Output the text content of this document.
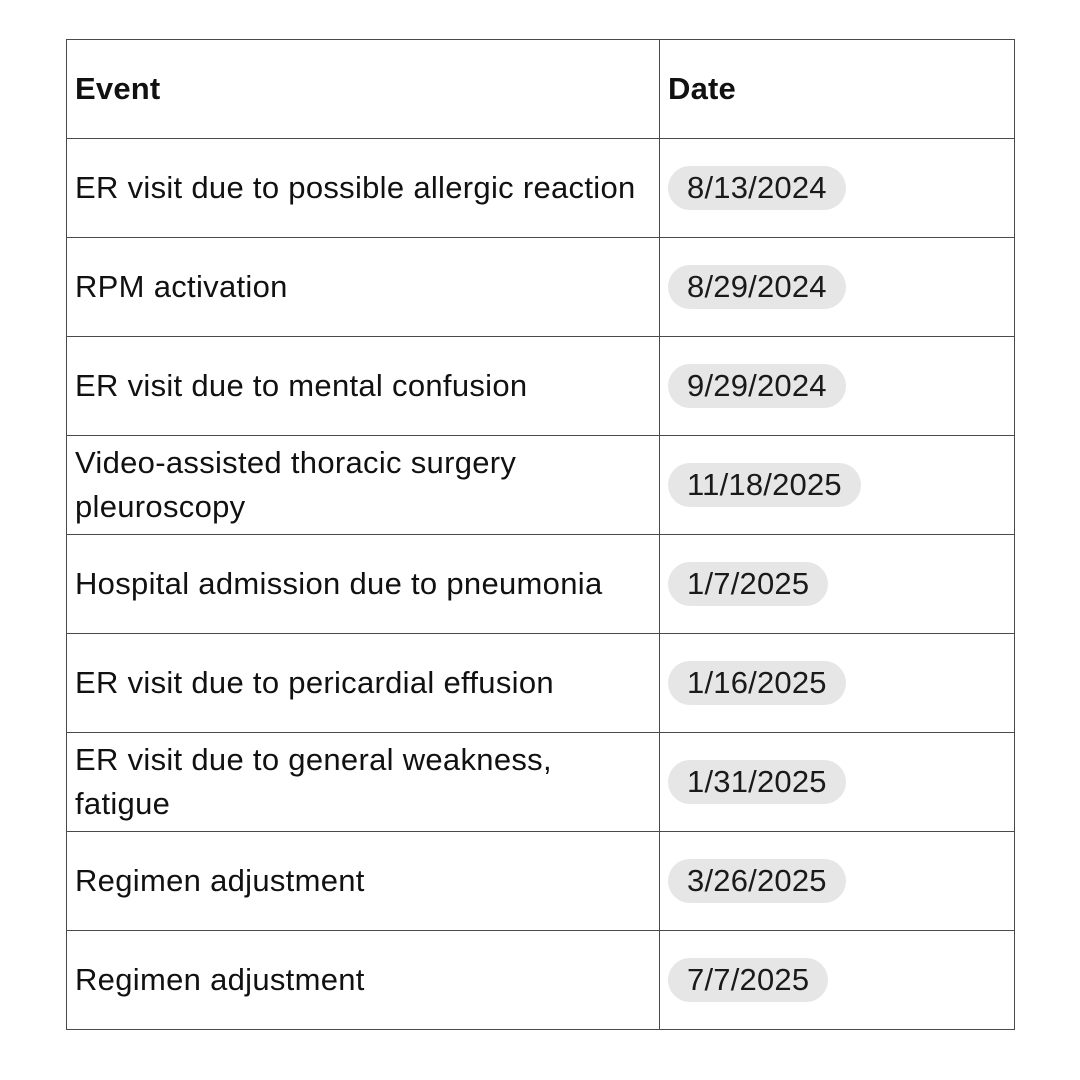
Event	Date
ER visit due to possible allergic reaction	8/13/2024
RPM activation	8/29/2024
ER visit due to mental confusion	9/29/2024
Video-assisted thoracic surgery pleuroscopy	11/18/2025
Hospital admission due to pneumonia	1/7/2025
ER visit due to pericardial effusion	1/16/2025
ER visit due to general weakness, fatigue	1/31/2025
Regimen adjustment	3/26/2025
Regimen adjustment	7/7/2025
